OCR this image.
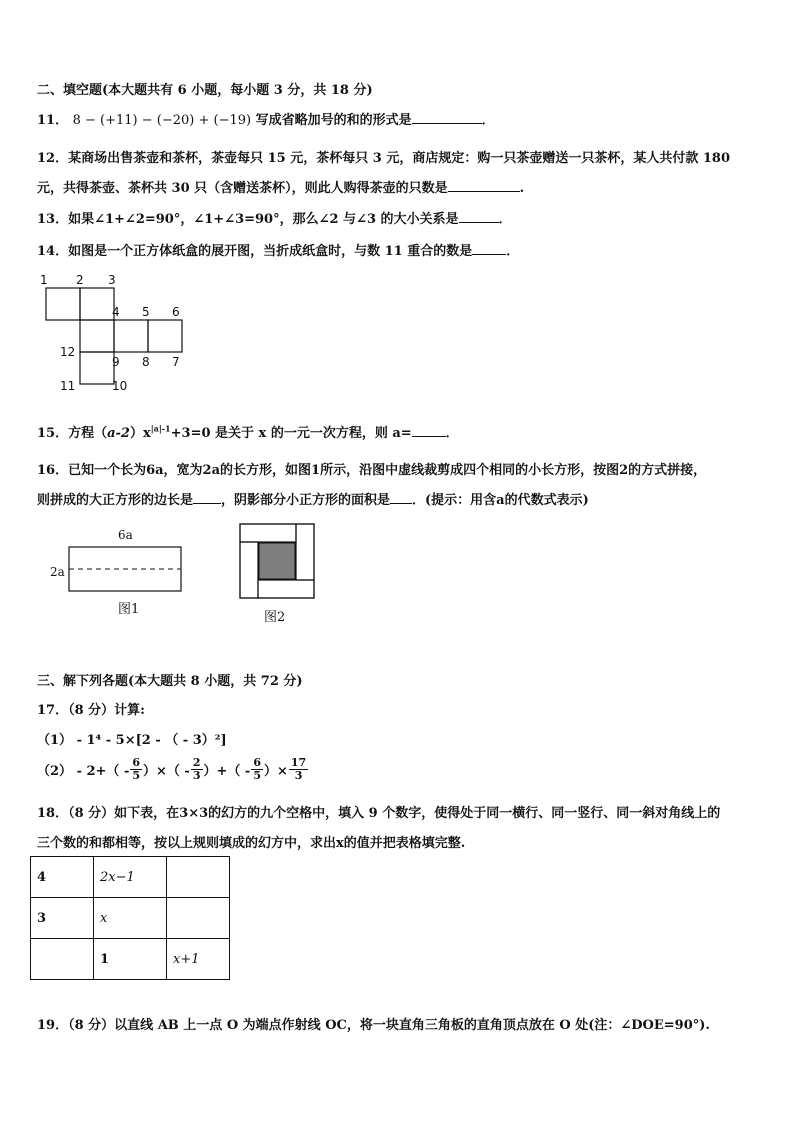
二、填空题(本大题共有 6 小题，每小题 3 分，共 18 分)
11． 8 − (+11) − (−20) + (−19) 写成省略加号的和的形式是	．
12．某商场出售茶壶和茶杯，茶壶每只 15 元，茶杯每只 3 元，商店规定：购一只茶壶赠送一只茶杯，某人共付款 180
元，共得茶壶、茶杯共 30 只（含赠送茶杯），则此人购得茶壶的只数是	.
13．如果∠1+∠2=90°，∠1+∠3=90°，那么∠2 与∠3 的大小关系是	．
14．如图是一个正方体纸盒的展开图，当折成纸盒时，与数 11 重合的数是	．
1 2 3
4 5 6
12
9 8 7
11	10
15．方程$(a-2)x^{|a|-1}+3=0$ 是关于 x 的一元一次方程，则 a=	．
16．已知一个长为6a，宽为2a的长方形，如图1所示，沿图中虚线裁剪成四个相同的小长方形，按图2的方式拼接，
则拼成的大正方形的边长是 ，阴影部分小正方形的面积是 ．(提示：用含a的代数式表示)
6a
2a
图1
图2
三、解下列各题(本大题共 8 小题，共 72 分)
17．（8 分）计算:
（1） - 1⁴ - 5×[2 - （ - 3）²]
$(2) - 2+( - \frac{6}{5}$ ）×（ - $\frac{2}{3}$ ）+（ - $\frac{6}{5}$ ）× $\frac{17}{3}$
18．（8 分）如下表，在3×3的幻方的九个空格中，填入 9 个数字，使得处于同一横行、同一竖行、同一斜对角线上的
三个数的和都相等，按以上规则填成的幻方中，求出x的值并把表格填完整.
4	2x−1	
3	x	
	1	x+1
19．（8 分）以直线 AB 上一点 O 为端点作射线 OC，将一块直角三角板的直角顶点放在 O 处(注：∠DOE=90°).
